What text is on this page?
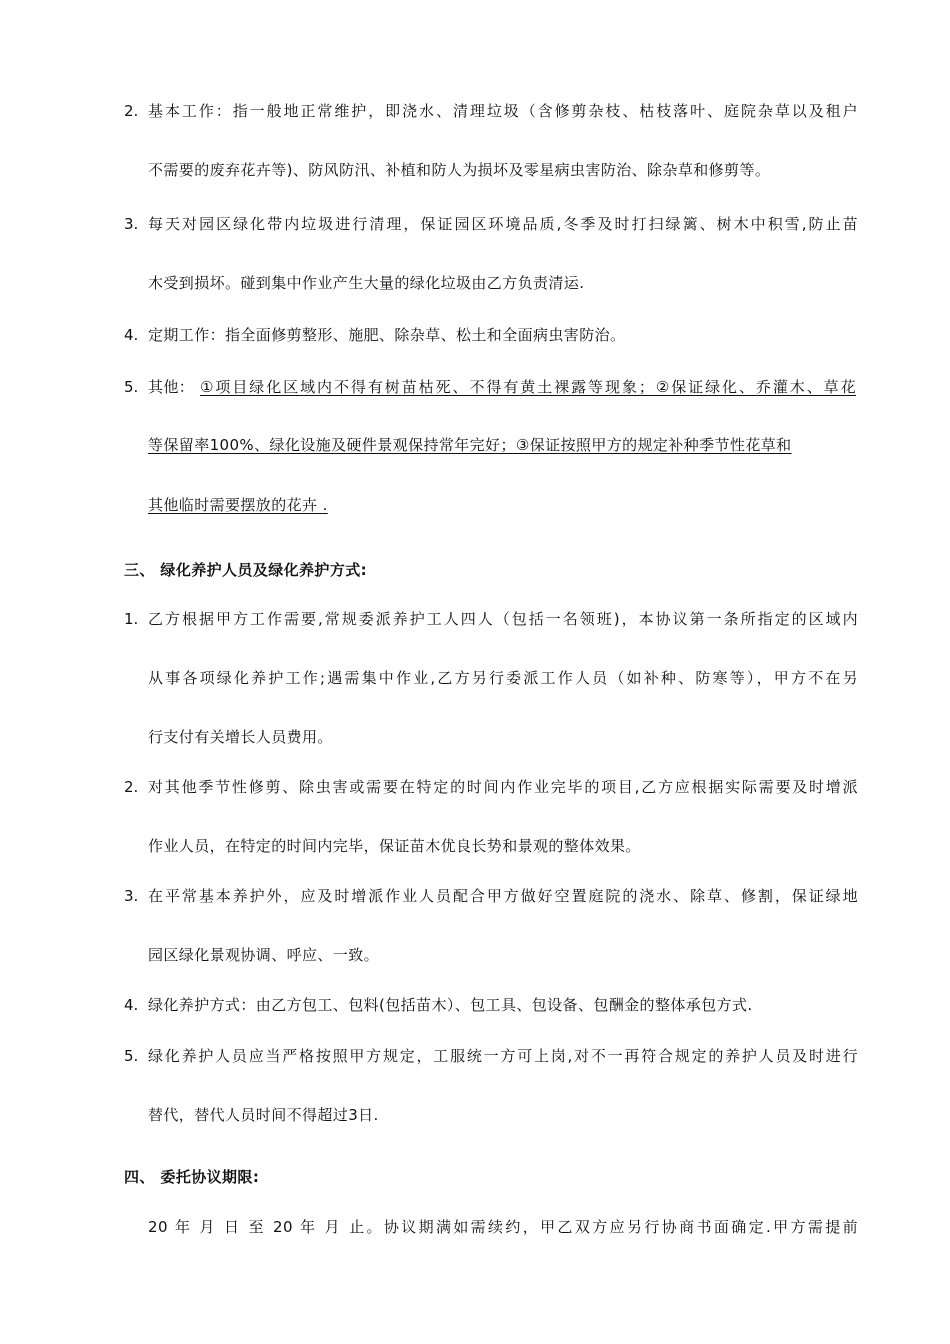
2. 基本工作：指一般地正常维护，即浇水、清理垃圾（含修剪杂枝、枯枝落叶、庭院杂草以及租户
不需要的废弃花卉等)、防风防汛、补植和防人为损坏及零星病虫害防治、除杂草和修剪等。
3. 每天对园区绿化带内垃圾进行清理，保证园区环境品质,冬季及时打扫绿篱、树木中积雪,防止苗
木受到损坏。碰到集中作业产生大量的绿化垃圾由乙方负责清运.
4. 定期工作：指全面修剪整形、施肥、除杂草、松土和全面病虫害防治。
5. 其他： ①项目绿化区域内不得有树苗枯死、不得有黄土裸露等现象；②保证绿化、乔灌木、草花
等保留率100%、绿化设施及硬件景观保持常年完好；③保证按照甲方的规定补种季节性花草和
其他临时需要摆放的花卉 .
三、 绿化养护人员及绿化养护方式:
1. 乙方根据甲方工作需要,常规委派养护工人四人（包括一名领班)，本协议第一条所指定的区域内
从事各项绿化养护工作;遇需集中作业,乙方另行委派工作人员（如补种、防寒等），甲方不在另
行支付有关增长人员费用。
2. 对其他季节性修剪、除虫害或需要在特定的时间内作业完毕的项目,乙方应根据实际需要及时增派
作业人员，在特定的时间内完毕，保证苗木优良长势和景观的整体效果。
3. 在平常基本养护外，应及时增派作业人员配合甲方做好空置庭院的浇水、除草、修割，保证绿地
园区绿化景观协调、呼应、一致。
4. 绿化养护方式：由乙方包工、包料(包括苗木）、包工具、包设备、包酬金的整体承包方式.
5. 绿化养护人员应当严格按照甲方规定，工服统一方可上岗,对不一再符合规定的养护人员及时进行
替代，替代人员时间不得超过3日.
四、 委托协议期限:
20 年 月 日 至 20 年 月 止。协议期满如需续约，甲乙双方应另行协商书面确定.甲方需提前
